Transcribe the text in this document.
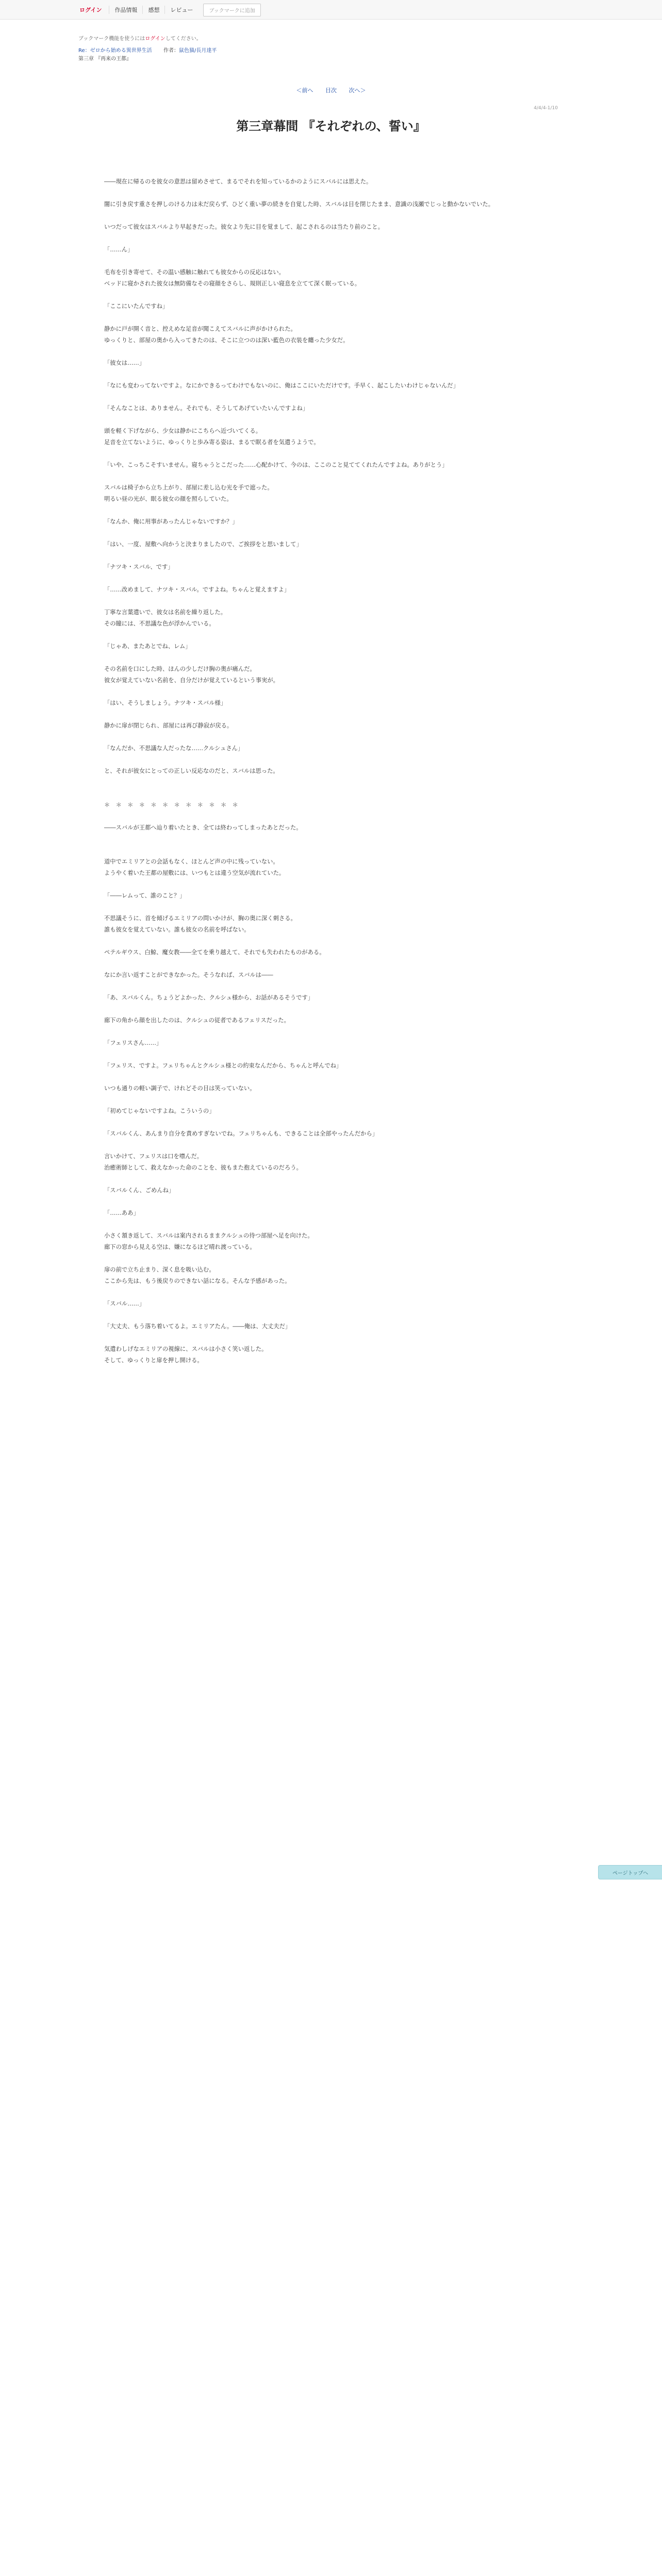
ログイン	作品情報	感想	レビュー	ブックマークに追加
ブックマーク機能を使うにはログインしてください。
Re：ゼロから始める異世界生活 　 作者：鼠色猫/長月達平
第三章 『再来の王都』
＜前へ 目次 次へ＞
4/4/4-1/10
第三章幕間 『それぞれの、誓い』

――現在に帰るのを彼女の意思は留めさせて、まるでそれを知っているかのようにスバルには思えた。

闇に引き戻す重さを押しのける力は未だ戻らず、ひどく重い夢の続きを自覚した時、スバルは目を閉じたまま、意識の浅瀬でじっと動かないでいた。

いつだって彼女はスバルより早起きだった。彼女より先に目を覚まして、起こされるのは当たり前のこと。

「……ん」

毛布を引き寄せて、その温い感触に触れても彼女からの反応はない。

ベッドに寝かされた彼女は無防備なその寝顔をさらし、規則正しい寝息を立てて深く眠っている。

「ここにいたんですね」

静かに戸が開く音と、控えめな足音が聞こえてスバルに声がかけられた。

ゆっくりと、部屋の奥から入ってきたのは、そこに立つのは深い藍色の衣装を纏った少女だ。

「彼女は……」

「なにも変わってないですよ。なにかできるってわけでもないのに、俺はここにいただけです。手早く、起こしたいわけじゃないんだ」

「そんなことは、ありません。それでも、そうしてあげていたいんですよね」

頭を軽く下げながら、少女は静かにこちらへ近づいてくる。

足音を立てないように、ゆっくりと歩み寄る姿は、まるで眠る者を気遣うようで。

「いや、こっちこそすいません。寝ちゃうとこだった……心配かけて、今のは、ここのこと見ててくれたんですよね。ありがとう」

スバルは椅子から立ち上がり、部屋に差し込む光を手で遮った。

明るい昼の光が、眠る彼女の顔を照らしていた。

「なんか、俺に用事があったんじゃないですか？」

「はい、一度、屋敷へ向かうと決まりましたので、ご挨拶をと思いまして」

「ナツキ・スバル、です」

「……改めまして、ナツキ・スバル。ですよね。ちゃんと覚えますよ」

丁寧な言葉遣いで、彼女は名前を繰り返した。

その瞳には、不思議な色が浮かんでいる。

「じゃあ、またあとでね、レム」

その名前を口にした時、ほんの少しだけ胸の奥が痛んだ。

彼女が覚えていない名前を、自分だけが覚えているという事実が。

「はい、そうしましょう。ナツキ・スバル様」

静かに扉が閉じられ、部屋には再び静寂が戻る。

「なんだか、不思議な人だったな……クルシュさん」

と、それが彼女にとっての正しい反応なのだと、スバルは思った。

＊　＊　＊　＊　＊　＊　＊　＊　＊　＊　＊　＊

――スバルが王都へ辿り着いたとき、全ては終わってしまったあとだった。

道中でエミリアとの会話もなく、ほとんど声の中に残っていない。

ようやく着いた王都の屋敷には、いつもとは違う空気が流れていた。

「――レムって、誰のこと？」

不思議そうに、首を傾げるエミリアの問いかけが、胸の奥に深く刺さる。

誰も彼女を覚えていない。誰も彼女の名前を呼ばない。

ペテルギウス、白鯨、魔女教――全てを乗り越えて、それでも失われたものがある。

なにか言い返すことができなかった。そうなれば、スバルは――

「あ、スバルくん。ちょうどよかった、クルシュ様から、お話があるそうです」

廊下の角から顔を出したのは、クルシュの従者であるフェリスだった。

「フェリスさん……」

「フェリス、ですよ。フェリちゃんとクルシュ様との約束なんだから、ちゃんと呼んでね」

いつも通りの軽い調子で、けれどその目は笑っていない。

「初めてじゃないですよね。こういうの」

「スバルくん、あんまり自分を責めすぎないでね。フェリちゃんも、できることは全部やったんだから」

言いかけて、フェリスは口を噤んだ。

治癒術師として、救えなかった命のことを、彼もまた抱えているのだろう。

「スバルくん、ごめんね」

「……ああ」

小さく頷き返して、スバルは案内されるままクルシュの待つ部屋へ足を向けた。

廊下の窓から見える空は、嫌になるほど晴れ渡っている。

扉の前で立ち止まり、深く息を吸い込む。

ここから先は、もう後戻りのできない話になる。そんな予感があった。

「スバル……」

「大丈夫、もう落ち着いてるよ。エミリアたん。――俺は、大丈夫だ」

気遣わしげなエミリアの視線に、スバルは小さく笑い返した。

そして、ゆっくりと扉を押し開ける。

ページトップへ
